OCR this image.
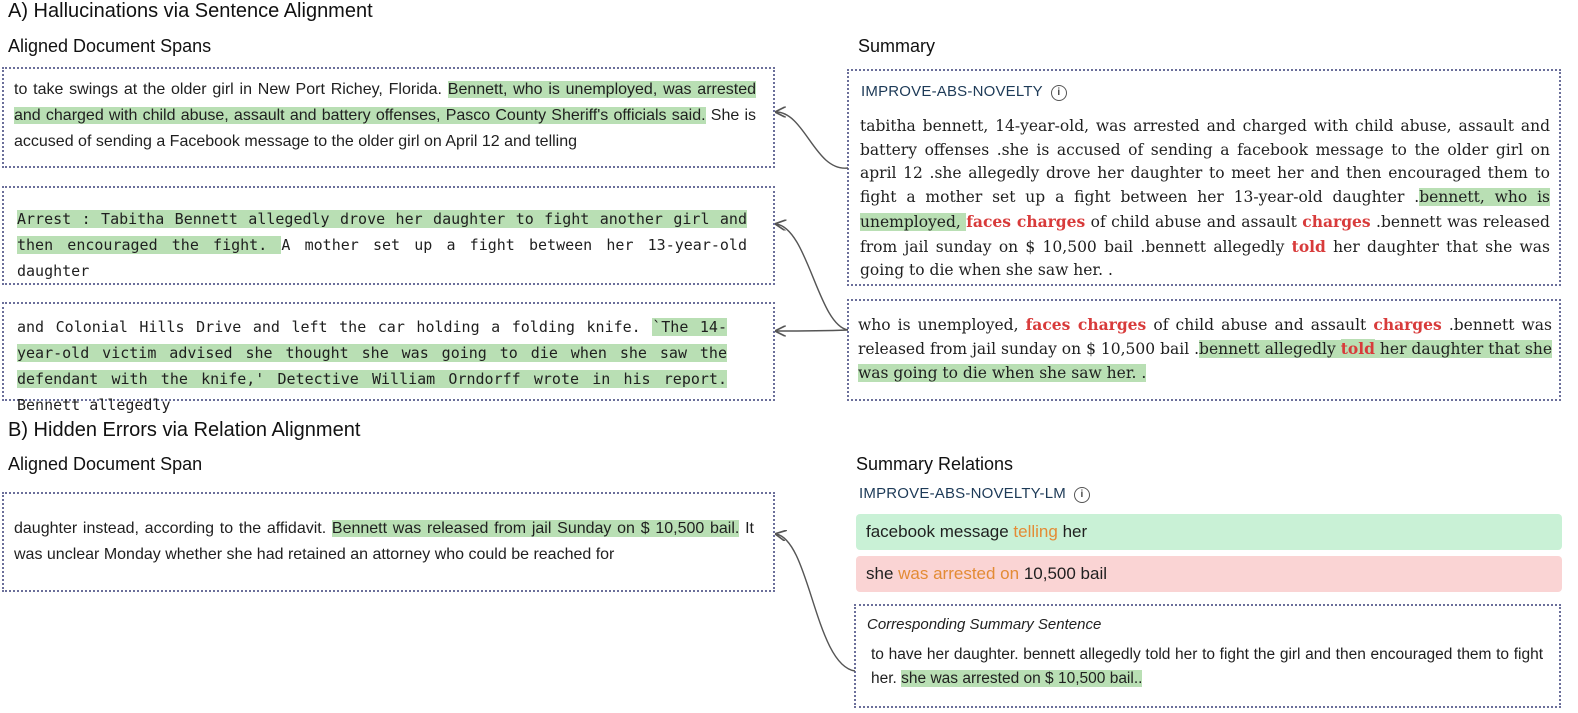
A) Hallucinations via Sentence Alignment
Aligned Document Spans	Summary
to take swings at the older girl in New Port Richey, Florida. Bennett, who is unemployed, was arrested and charged with child abuse, assault and battery offenses, Pasco County Sheriff's officials said. She is accused of sending a Facebook message to the older girl on April 12 and telling
Arrest : Tabitha Bennett allegedly drove her daughter to fight another girl and then encouraged the fight. A mother set up a fight between her 13-year-old daughter
and Colonial Hills Drive and left the car holding a folding knife. `The 14-year-old victim advised she thought she was going to die when she saw the defendant with the knife,' Detective William Orndorff wrote in his report. Bennett allegedly
IMPROVE-ABS-NOVELTY i
tabitha bennett, 14-year-old, was arrested and charged with child abuse, assault and battery offenses .she is accused of sending a facebook message to the older girl on april 12 .she allegedly drove her daughter to meet her and then encouraged them to fight a mother set up a fight between her 13-year-old daughter .bennett, who is unemployed, faces charges of child abuse and assault charges .bennett was released from jail sunday on $ 10,500 bail .bennett allegedly told her daughter that she was going to die when she saw her. .
who is unemployed, faces charges of child abuse and assault charges .bennett was released from jail sunday on $ 10,500 bail .bennett allegedly told her daughter that she was going to die when she saw her. .
B) Hidden Errors via Relation Alignment
Aligned Document Span	Summary Relations
daughter instead, according to the affidavit. Bennett was released from jail Sunday on $ 10,500 bail. It was unclear Monday whether she had retained an attorney who could be reached for
IMPROVE-ABS-NOVELTY-LM i
facebook message telling her
she was arrested on 10,500 bail
Corresponding Summary Sentence
to have her daughter. bennett allegedly told her to fight the girl and then encouraged them to fight her. she was arrested on $ 10,500 bail..
